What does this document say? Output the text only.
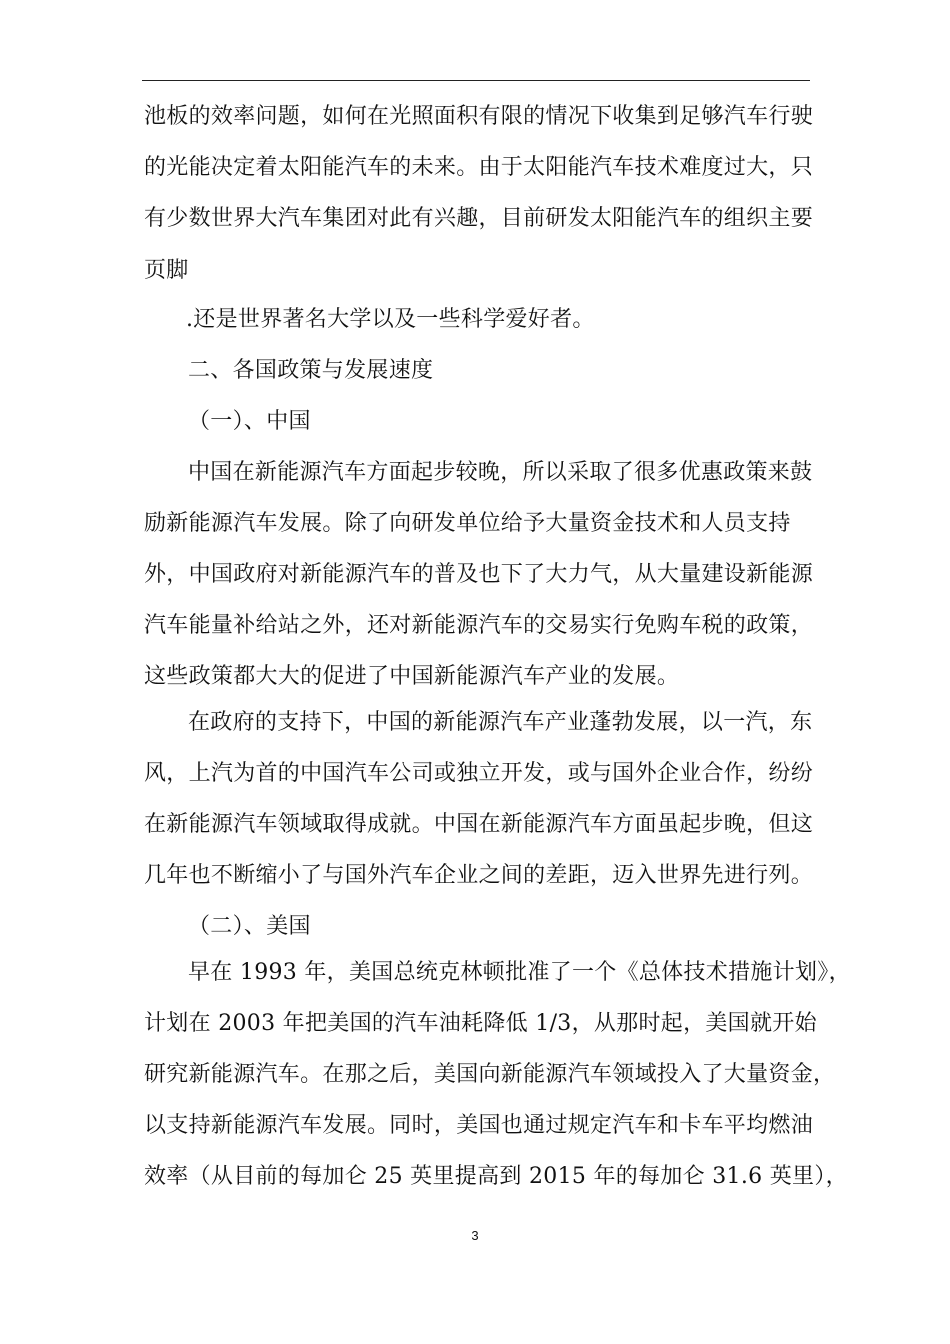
池板的效率问题，如何在光照面积有限的情况下收集到足够汽车行驶
的光能决定着太阳能汽车的未来。由于太阳能汽车技术难度过大，只
有少数世界大汽车集团对此有兴趣，目前研发太阳能汽车的组织主要
页脚
.还是世界著名大学以及一些科学爱好者。
二、各国政策与发展速度
（一）、中国
中国在新能源汽车方面起步较晚，所以采取了很多优惠政策来鼓
励新能源汽车发展。除了向研发单位给予大量资金技术和人员支持
外，中国政府对新能源汽车的普及也下了大力气，从大量建设新能源
汽车能量补给站之外，还对新能源汽车的交易实行免购车税的政策，
这些政策都大大的促进了中国新能源汽车产业的发展。
在政府的支持下，中国的新能源汽车产业蓬勃发展，以一汽，东
风，上汽为首的中国汽车公司或独立开发，或与国外企业合作，纷纷
在新能源汽车领域取得成就。中国在新能源汽车方面虽起步晚，但这
几年也不断缩小了与国外汽车企业之间的差距，迈入世界先进行列。
（二）、美国
早在 1993 年，美国总统克林顿批准了一个《总体技术措施计划》，
计划在 2003 年把美国的汽车油耗降低 1/3，从那时起，美国就开始
研究新能源汽车。在那之后，美国向新能源汽车领域投入了大量资金，
以支持新能源汽车发展。同时，美国也通过规定汽车和卡车平均燃油
效率（从目前的每加仑 25 英里提高到 2015 年的每加仑 31.6 英里），
3
